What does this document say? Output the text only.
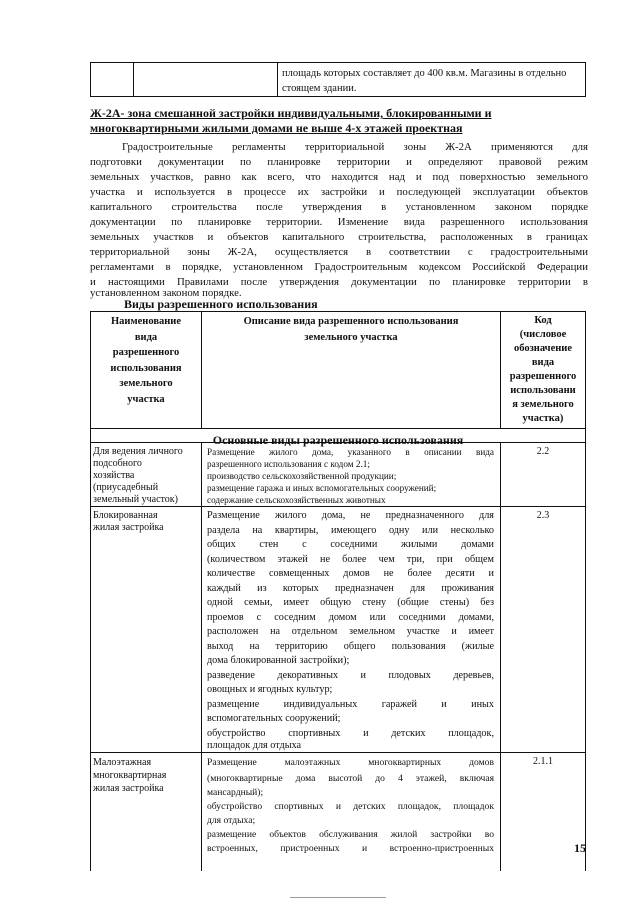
площадь которых составляет до 400 кв.м. Магазины в отдельно стоящем здании.
Ж-2А- зона смешанной застройки индивидуальными, блокированными и многоквартирными жилыми домами не выше 4-х этажей проектная
Градостроительные регламенты территориальной зоны Ж-2А применяются для
подготовки документации по планировке территории и определяют правовой режим
земельных участков, равно как всего, что находится над и под поверхностью земельного
участка и используется в процессе их застройки и последующей эксплуатации объектов
капитального строительства после утверждения в установленном законом порядке
документации по планировке территории. Изменение вида разрешенного использования
земельных участков и объектов капитального строительства, расположенных в границах
территориальной зоны Ж-2А, осуществляется в соответствии с градостроительными
регламентами в порядке, установленном Градостроительным кодексом Российской Федерации
и настоящими Правилами после утверждения документации по планировке территории в
установленном законом порядке.
Виды разрешенного использования
Наименование
вида
разрешенного
использования
земельного
участка
Описание вида разрешенного использования
земельного участка
Код
(числовое
обозначение
вида
разрешенного
использовани
я земельного
участка)
Основные виды разрешенного использования
Для ведения личного
подсобного
хозяйства
(приусадебный
земельный участок)
Размещение жилого дома, указанного в описании вида
разрешенного использования с кодом 2.1;
производство сельскохозяйственной продукции;
размещение гаража и иных вспомогательных сооружений;
содержание сельскохозяйственных животных
2.2
Блокированная
жилая застройка
Размещение жилого дома, не предназначенного для
раздела на квартиры, имеющего одну или несколько
общих стен с соседними жилыми домами
(количеством этажей не более чем три, при общем
количестве совмещенных домов не более десяти и
каждый из которых предназначен для проживания
одной семьи, имеет общую стену (общие стены) без
проемов с соседним домом или соседними домами,
расположен на отдельном земельном участке и имеет
выход на территорию общего пользования (жилые
дома блокированной застройки);
разведение декоративных и плодовых деревьев,
овощных и ягодных культур;
размещение индивидуальных гаражей и иных
вспомогательных сооружений;
обустройство спортивных и детских площадок,
площадок для отдыха
2.3
Малоэтажная
многоквартирная
жилая застройка
Размещение малоэтажных многоквартирных домов
(многоквартирные дома высотой до 4 этажей, включая
мансардный);
обустройство спортивных и детских площадок, площадок
для отдыха;
размещение объектов обслуживания жилой застройки во
встроенных, пристроенных и встроенно-пристроенных
2.1.1
15
